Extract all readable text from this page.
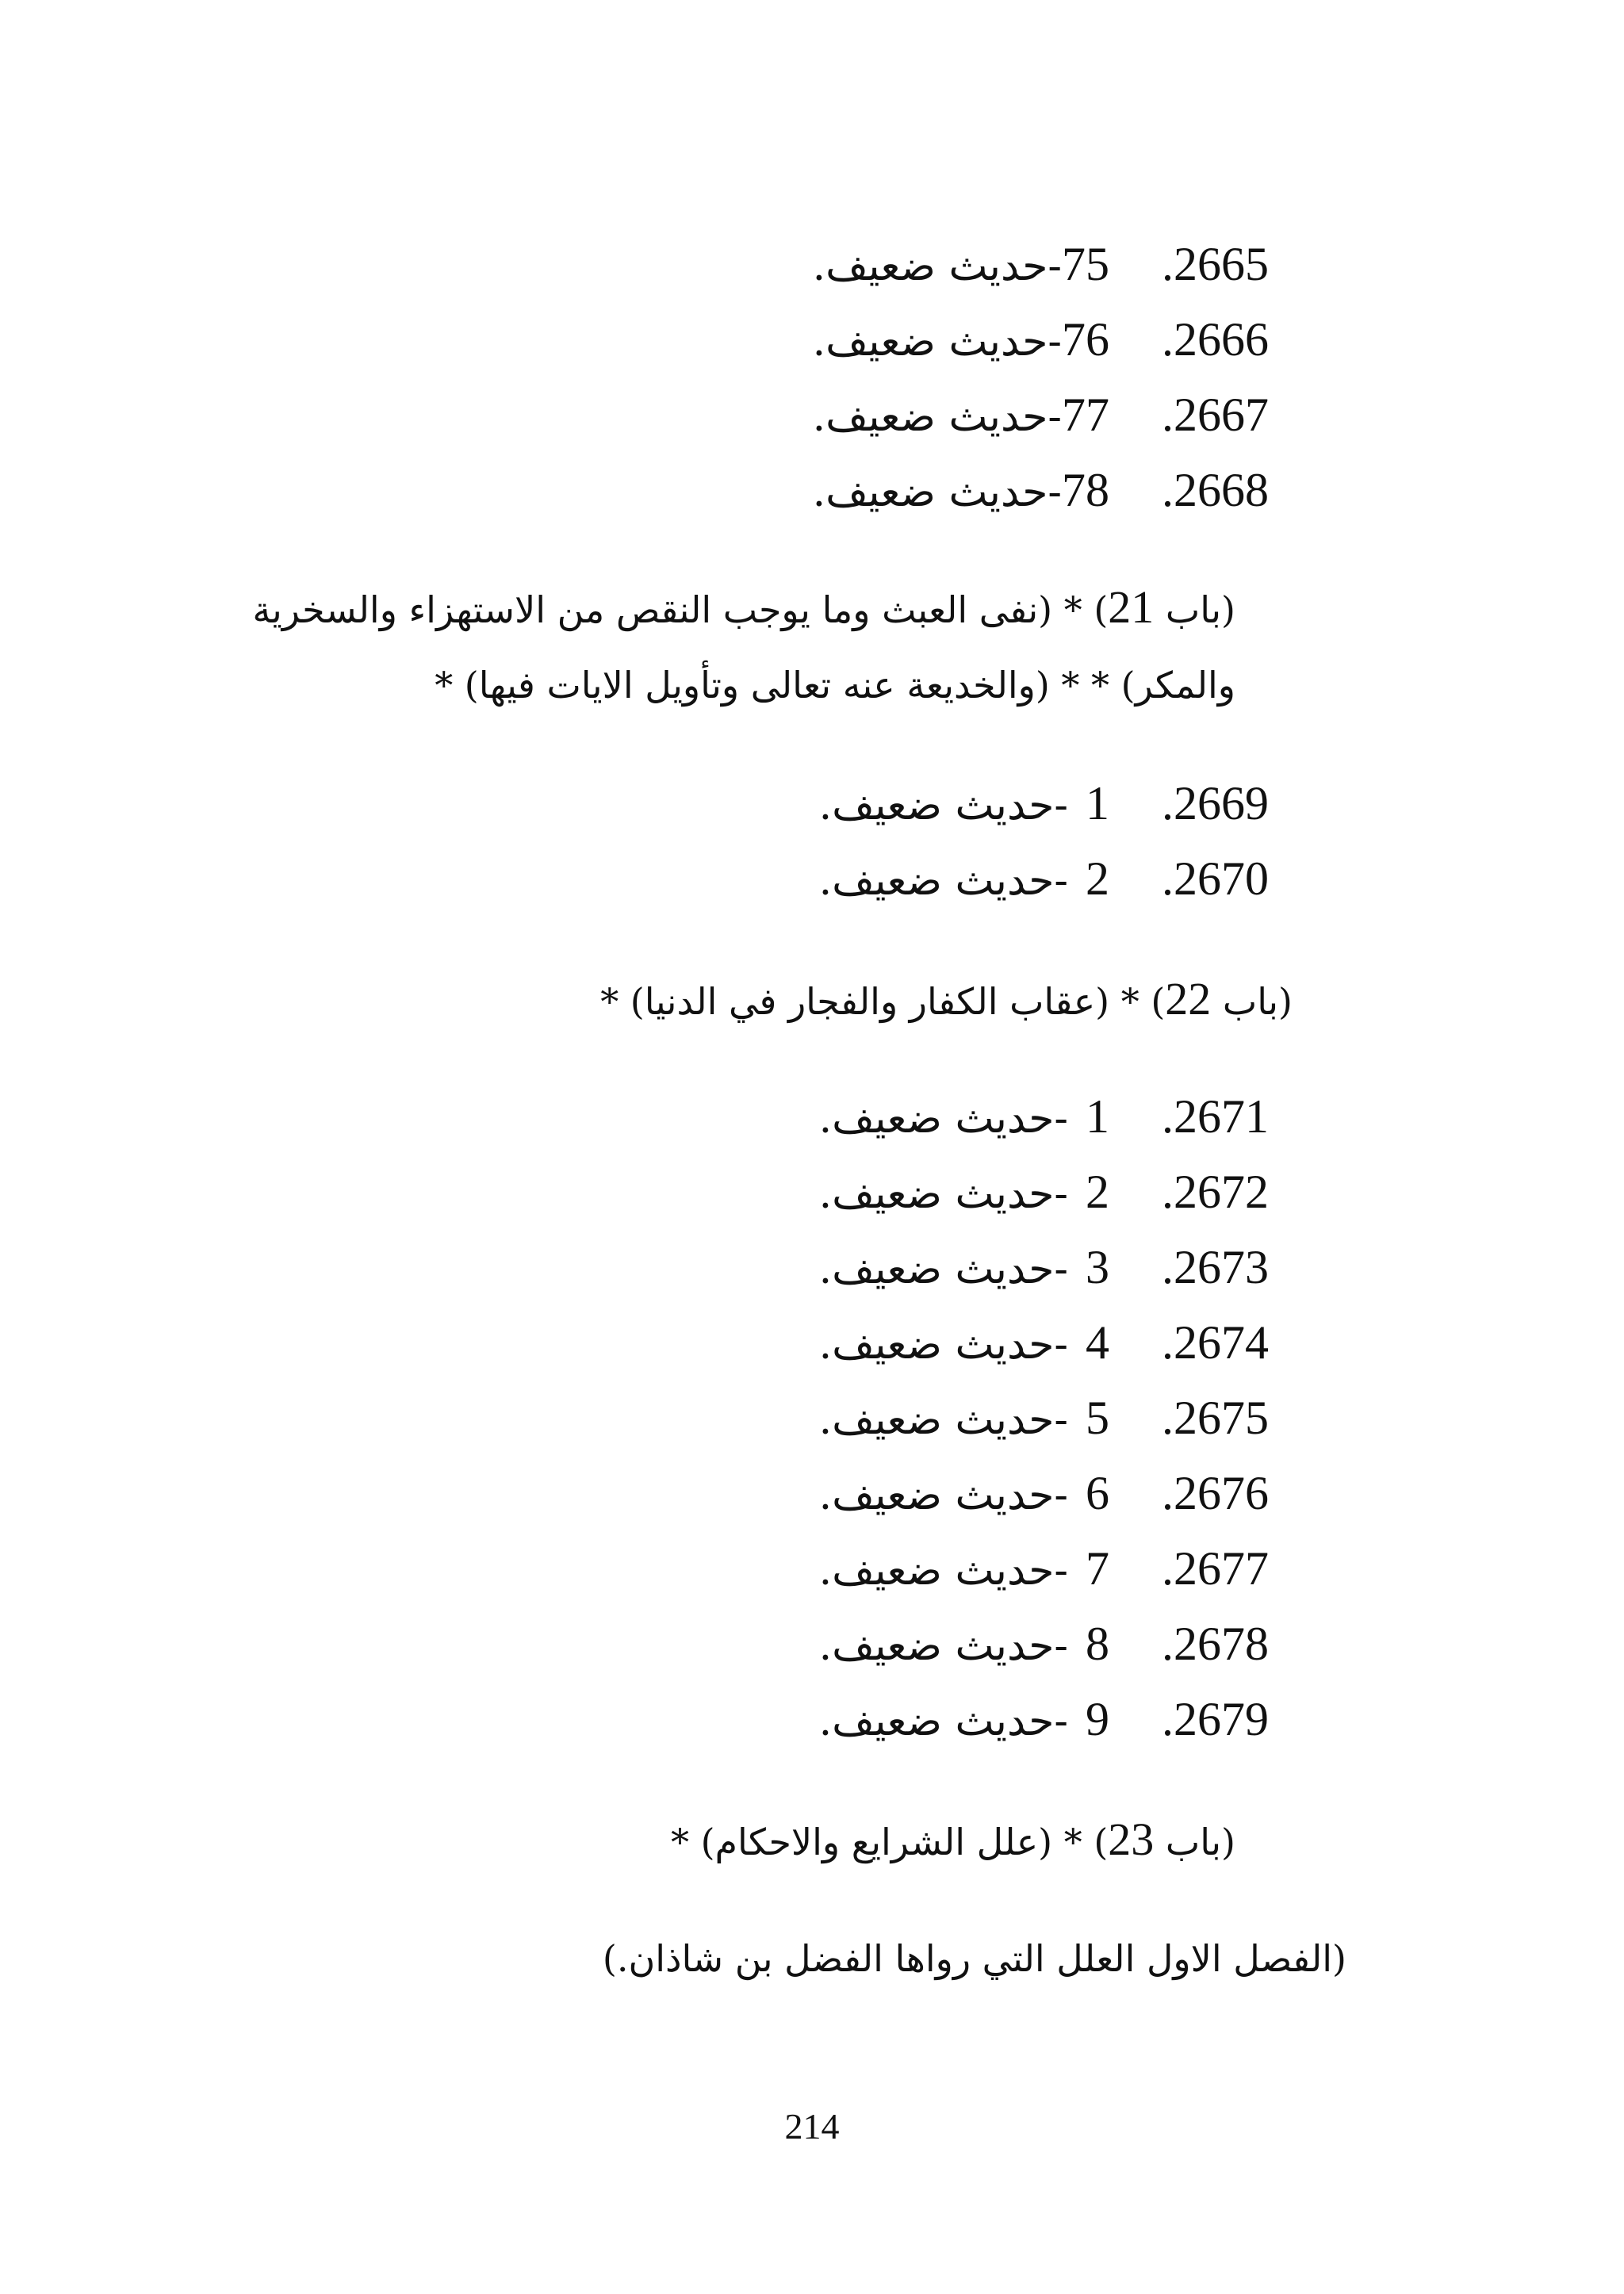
2665.75-حديث ضعيف.
2666.76-حديث ضعيف.
2667.77-حديث ضعيف.
2668.78-حديث ضعيف.
(باب 21) * (نفى العبث وما يوجب النقص من الاستهزاء والسخرية
والمكر) * * (والخديعة عنه تعالى وتأويل الايات فيها) *
2669.1-حديث ضعيف.
2670.2-حديث ضعيف.
(باب 22) * (عقاب الكفار والفجار في الدنيا) *
2671.1-حديث ضعيف.
2672.2-حديث ضعيف.
2673.3-حديث ضعيف.
2674.4-حديث ضعيف.
2675.5-حديث ضعيف.
2676.6-حديث ضعيف.
2677.7-حديث ضعيف.
2678.8-حديث ضعيف.
2679.9-حديث ضعيف.
(باب 23) * (علل الشرايع والاحكام) *
(الفصل الاول العلل التي رواها الفضل بن شاذان.)
214
